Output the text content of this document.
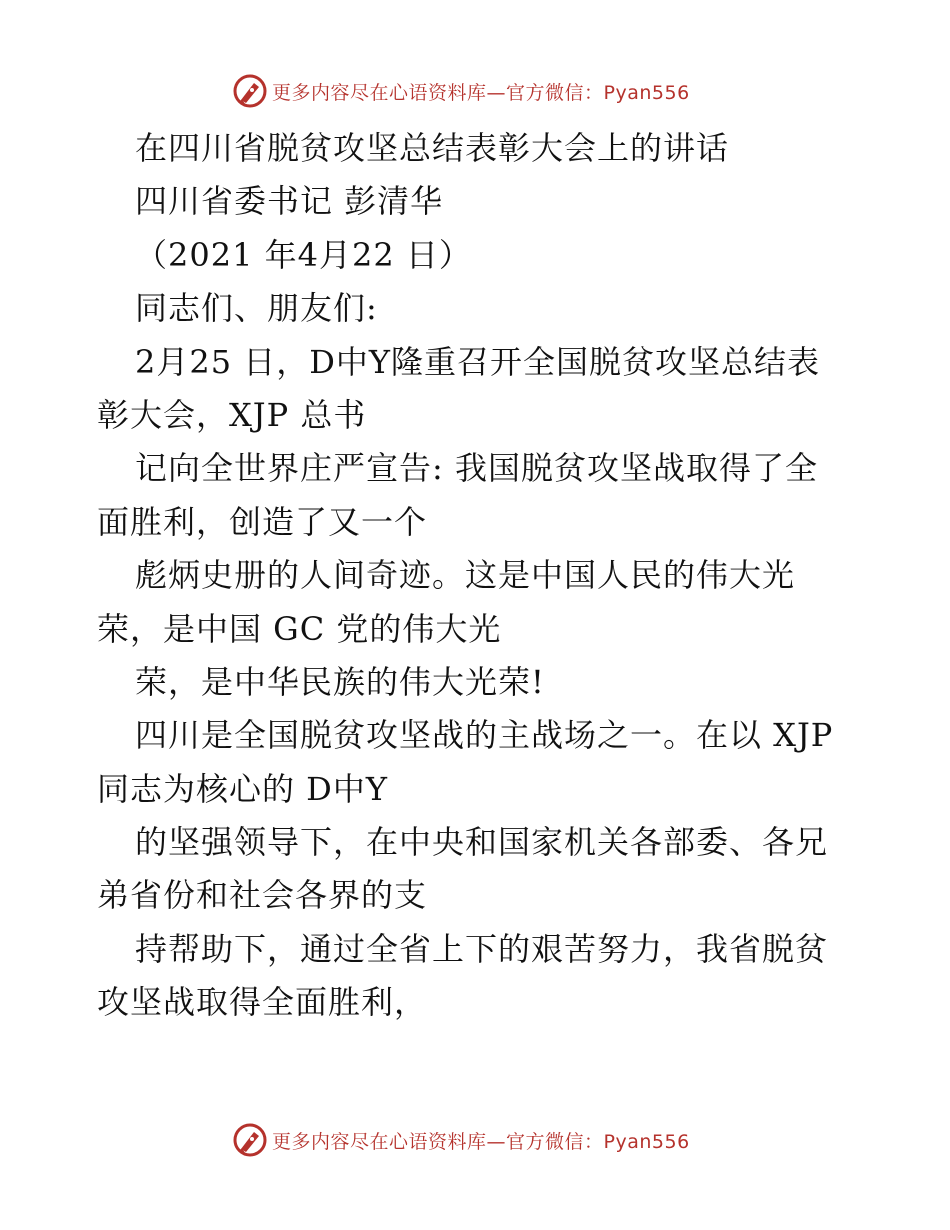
更多内容尽在心语资料库—官方微信：Pyan556
在四川省脱贫攻坚总结表彰大会上的讲话
四川省委书记 彭清华
（2021 年4月22 日）
同志们、朋友们:
2月25 日，D中Y隆重召开全国脱贫攻坚总结表
彰大会，XJP 总书
记向全世界庄严宣告: 我国脱贫攻坚战取得了全
面胜利，创造了又一个
彪炳史册的人间奇迹。这是中国人民的伟大光
荣，是中国 GC 党的伟大光
荣，是中华民族的伟大光荣!
四川是全国脱贫攻坚战的主战场之一。在以 XJP
同志为核心的 D中Y
的坚强领导下，在中央和国家机关各部委、各兄
弟省份和社会各界的支
持帮助下，通过全省上下的艰苦努力，我省脱贫
攻坚战取得全面胜利，
更多内容尽在心语资料库—官方微信：Pyan556
